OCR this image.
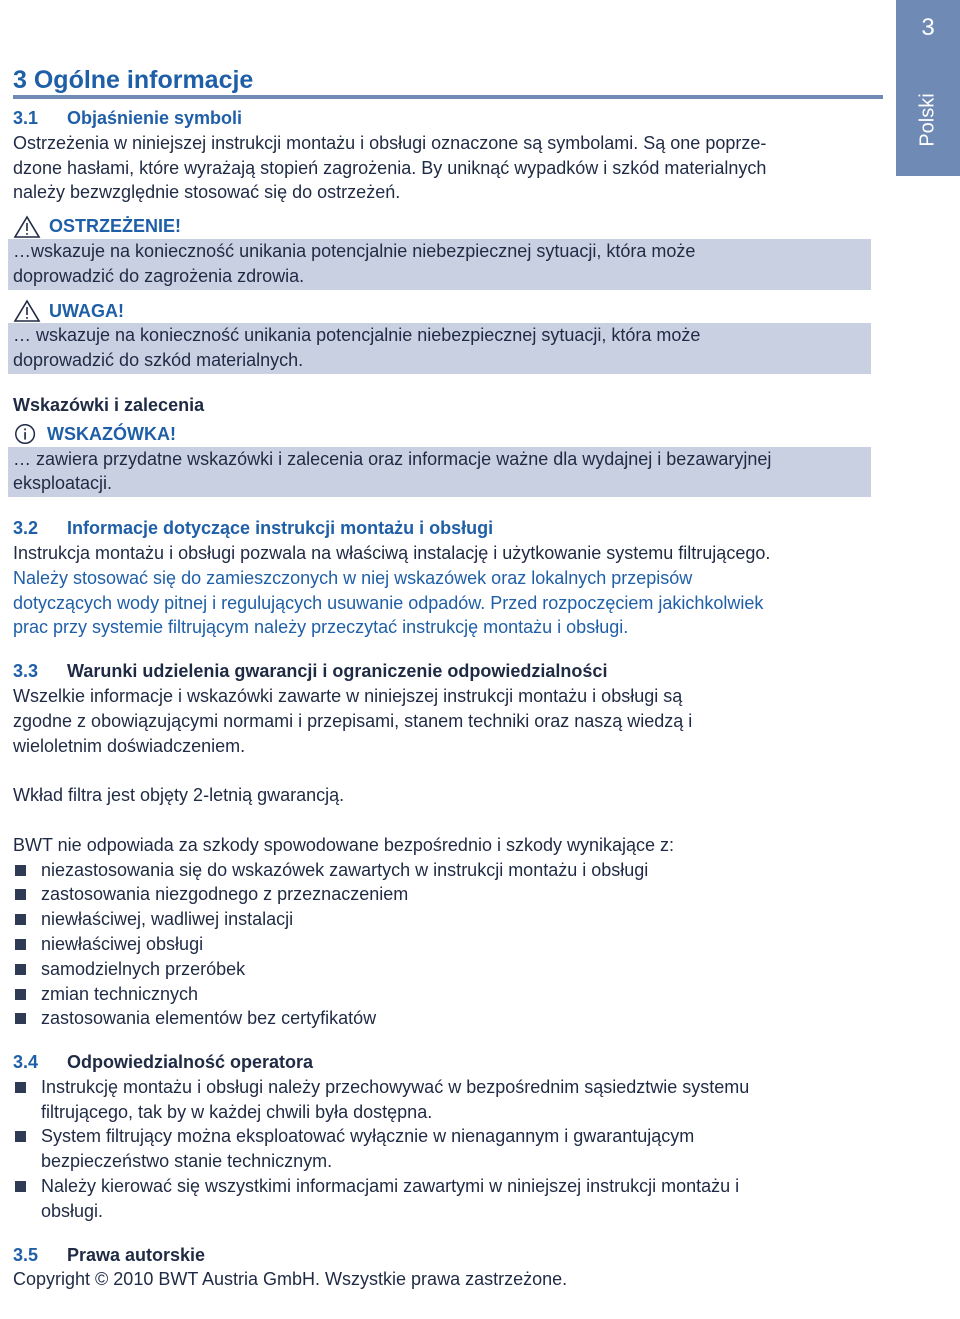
3
Polski
3 Ogólne informacje

3.1 Objaśnienie symboli

Ostrzeżenia w niniejszej instrukcji montażu i obsługi oznaczone są symbolami. Są one poprze-

dzone hasłami, które wyrażają stopień zagrożenia. By uniknąć wypadków i szkód materialnych

należy bezwzględnie stosować się do ostrzeżeń.

OSTRZEŻENIE!

…wskazuje na konieczność unikania potencjalnie niebezpiecznej sytuacji, która może

doprowadzić do zagrożenia zdrowia.

UWAGA!

… wskazuje na konieczność unikania potencjalnie niebezpiecznej sytuacji, która może

doprowadzić do szkód materialnych.

Wskazówki i zalecenia

WSKAZÓWKA!

… zawiera przydatne wskazówki i zalecenia oraz informacje ważne dla wydajnej i bezawaryjnej

eksploatacji.

3.2 Informacje dotyczące instrukcji montażu i obsługi

Instrukcja montażu i obsługi pozwala na właściwą instalację i użytkowanie systemu filtrującego.

Należy stosować się do zamieszczonych w niej wskazówek oraz lokalnych przepisów

dotyczących wody pitnej i regulujących usuwanie odpadów. Przed rozpoczęciem jakichkolwiek

prac przy systemie filtrującym należy przeczytać instrukcję montażu i obsługi.

3.3 Warunki udzielenia gwarancji i ograniczenie odpowiedzialności

Wszelkie informacje i wskazówki zawarte w niniejszej instrukcji montażu i obsługi są

zgodne z obowiązującymi normami i przepisami, stanem techniki oraz naszą wiedzą i

wieloletnim doświadczeniem.

Wkład filtra jest objęty 2-letnią gwarancją.

BWT nie odpowiada za szkody spowodowane bezpośrednio i szkody wynikające z:

niezastosowania się do wskazówek zawartych w instrukcji montażu i obsługi
zastosowania niezgodnego z przeznaczeniem
niewłaściwej, wadliwej instalacji
niewłaściwej obsługi
samodzielnych przeróbek
zmian technicznych
zastosowania elementów bez certyfikatów

3.4 Odpowiedzialność operatora

Instrukcję montażu i obsługi należy przechowywać w bezpośrednim sąsiedztwie systemu
filtrującego, tak by w każdej chwili była dostępna.
System filtrujący można eksploatować wyłącznie w nienagannym i gwarantującym
bezpieczeństwo stanie technicznym.
Należy kierować się wszystkimi informacjami zawartymi w niniejszej instrukcji montażu i
obsługi.

3.5 Prawa autorskie

Copyright © 2010 BWT Austria GmbH. Wszystkie prawa zastrzeżone.
